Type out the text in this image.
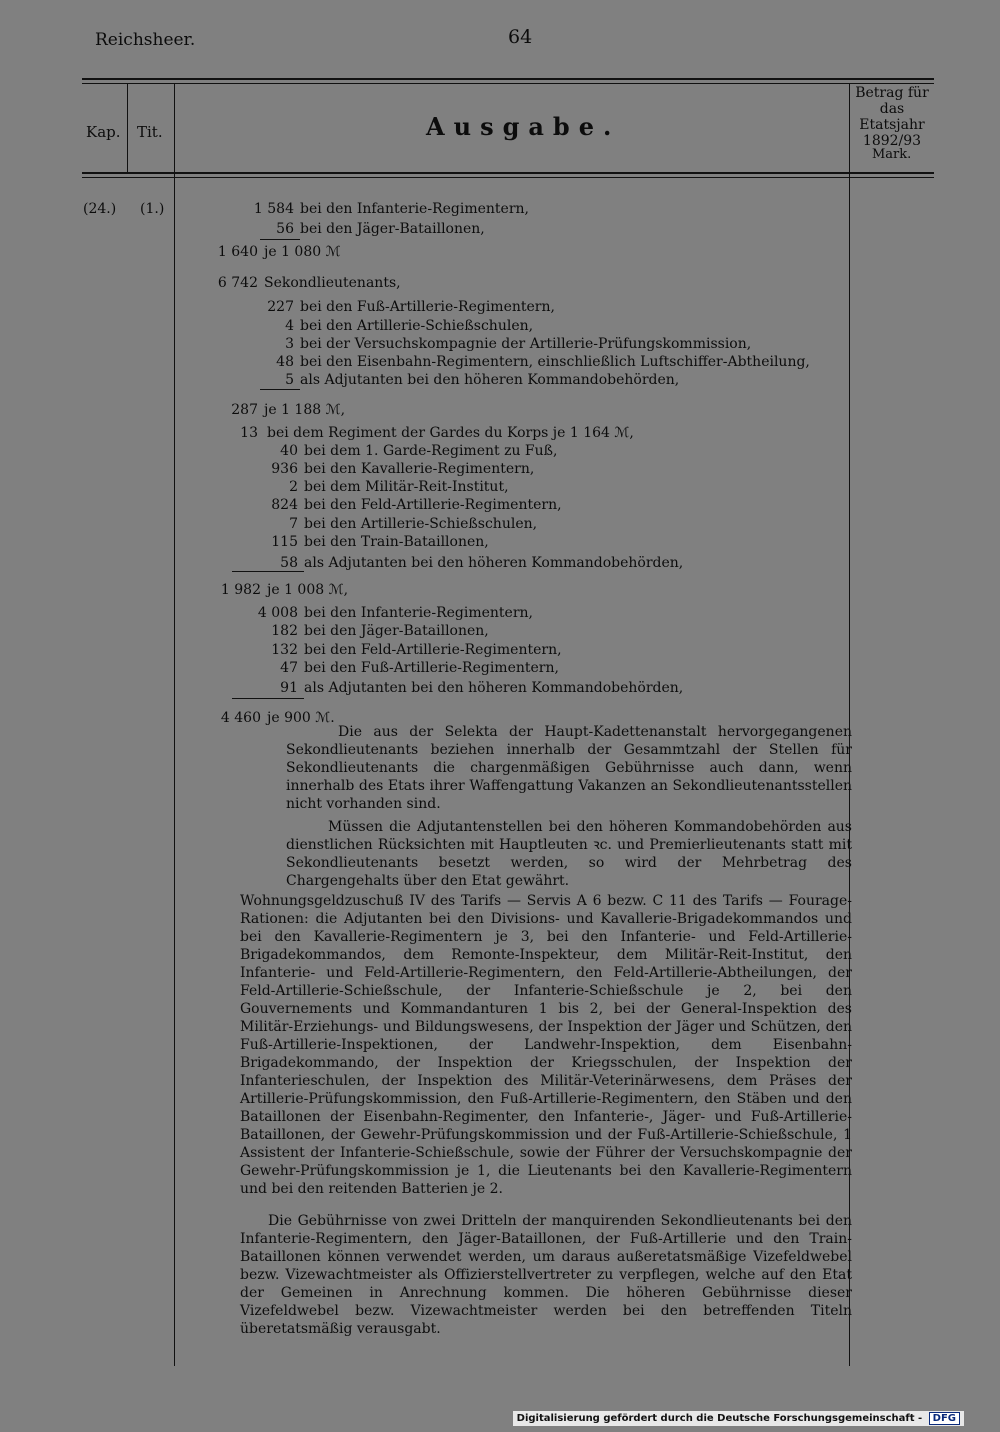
Reichsheer.	64
Kap. Tit.	Ausgabe.
Betrag für das Etatsjahr 1892/93
Mark.
(24.) (1.)	1 584 bei den Infanterie-Regimentern,
56 bei den Jäger-Bataillonen,
1 640 je 1 080 ℳ
6 742 Sekondlieutenants,
227 bei den Fuß-Artillerie-Regimentern,
4 bei den Artillerie-Schießschulen,
3 bei der Versuchskompagnie der Artillerie-Prüfungskommission,
48 bei den Eisenbahn-Regimentern, einschließlich Luftschiffer-Abtheilung,
5 als Adjutanten bei den höheren Kommandobehörden,
287 je 1 188 ℳ,
13 bei dem Regiment der Gardes du Korps je 1 164 ℳ,
40 bei dem 1. Garde-Regiment zu Fuß,
936 bei den Kavallerie-Regimentern,
2 bei dem Militär-Reit-Institut,
824 bei den Feld-Artillerie-Regimentern,
7 bei den Artillerie-Schießschulen,
115 bei den Train-Bataillonen,
58 als Adjutanten bei den höheren Kommandobehörden,
1 982 je 1 008 ℳ,
4 008 bei den Infanterie-Regimentern,
182 bei den Jäger-Bataillonen,
132 bei den Feld-Artillerie-Regimentern,
47 bei den Fuß-Artillerie-Regimentern,
91 als Adjutanten bei den höheren Kommandobehörden,
4 460 je 900 ℳ.

Die aus der Selekta der Haupt-Kadettenanstalt hervorgegangenen Sekondlieutenants beziehen innerhalb der Gesammtzahl der Stellen für Sekondlieutenants die chargenmäßigen Gebührnisse auch dann, wenn innerhalb des Etats ihrer Waffengattung Vakanzen an Sekondlieutenantsstellen nicht vorhanden sind.

Müssen die Adjutantenstellen bei den höheren Kommandobehörden aus dienstlichen Rücksichten mit Hauptleuten ꝛc. und Premierlieutenants statt mit Sekondlieutenants besetzt werden, so wird der Mehrbetrag des Chargengehalts über den Etat gewährt.

Wohnungsgeldzuschuß IV des Tarifs — Servis A 6 bezw. C 11 des Tarifs — Fourage-Rationen: die Adjutanten bei den Divisions- und Kavallerie-Brigadekommandos und bei den Kavallerie-Regimentern je 3, bei den Infanterie- und Feld-Artillerie-Brigadekommandos, dem Remonte-Inspekteur, dem Militär-Reit-Institut, den Infanterie- und Feld-Artillerie-Regimentern, den Feld-Artillerie-Abtheilungen, der Feld-Artillerie-Schießschule, der Infanterie-Schießschule je 2, bei den Gouvernements und Kommandanturen 1 bis 2, bei der General-Inspektion des Militär-Erziehungs- und Bildungswesens, der Inspektion der Jäger und Schützen, den Fuß-Artillerie-Inspektionen, der Landwehr-Inspektion, dem Eisenbahn-Brigadekommando, der Inspektion der Kriegsschulen, der Inspektion der Infanterieschulen, der Inspektion des Militär-Veterinärwesens, dem Präses der Artillerie-Prüfungskommission, den Fuß-Artillerie-Regimentern, den Stäben und den Bataillonen der Eisenbahn-Regimenter, den Infanterie-, Jäger- und Fuß-Artillerie-Bataillonen, der Gewehr-Prüfungskommission und der Fuß-Artillerie-Schießschule, 1 Assistent der Infanterie-Schießschule, sowie der Führer der Versuchskompagnie der Gewehr-Prüfungskommission je 1, die Lieutenants bei den Kavallerie-Regimentern und bei den reitenden Batterien je 2.

Die Gebührnisse von zwei Dritteln der manquirenden Sekondlieutenants bei den Infanterie-Regimentern, den Jäger-Bataillonen, der Fuß-Artillerie und den Train-Bataillonen können verwendet werden, um daraus außeretatsmäßige Vizefeldwebel bezw. Vizewachtmeister als Offizierstellvertreter zu verpflegen, welche auf den Etat der Gemeinen in Anrechnung kommen. Die höheren Gebührnisse dieser Vizefeldwebel bezw. Vizewachtmeister werden bei den betreffenden Titeln überetatsmäßig verausgabt.

Digitalisierung gefördert durch die Deutsche Forschungsgemeinschaft - DFG
